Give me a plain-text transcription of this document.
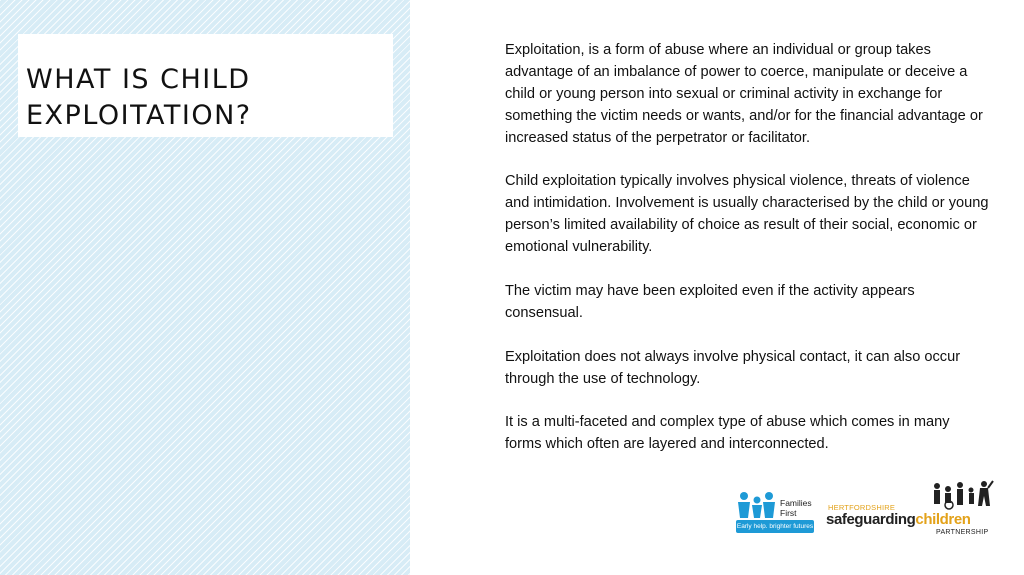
WHAT IS CHILD EXPLOITATION?

Exploitation, is a form of abuse where an individual or group takes advantage of an imbalance of power to coerce, manipulate or deceive a child or young person into sexual or criminal activity in exchange for something the victim needs or wants, and/or for the financial advantage or increased status of the perpetrator or facilitator.

Child exploitation typically involves physical violence, threats of violence and intimidation. Involvement is usually characterised by the child or young person’s limited availability of choice as result of their social, economic or emotional vulnerability.

The victim may have been exploited even if the activity appears consensual.

Exploitation does not always involve physical contact, it can also occur through the use of technology.

It is a multi-faceted and complex type of abuse which comes in many forms which often are layered and interconnected.

Families First
Early help. brighter futures
HERTFORDSHIRE
safeguardingchildren
PARTNERSHIP
